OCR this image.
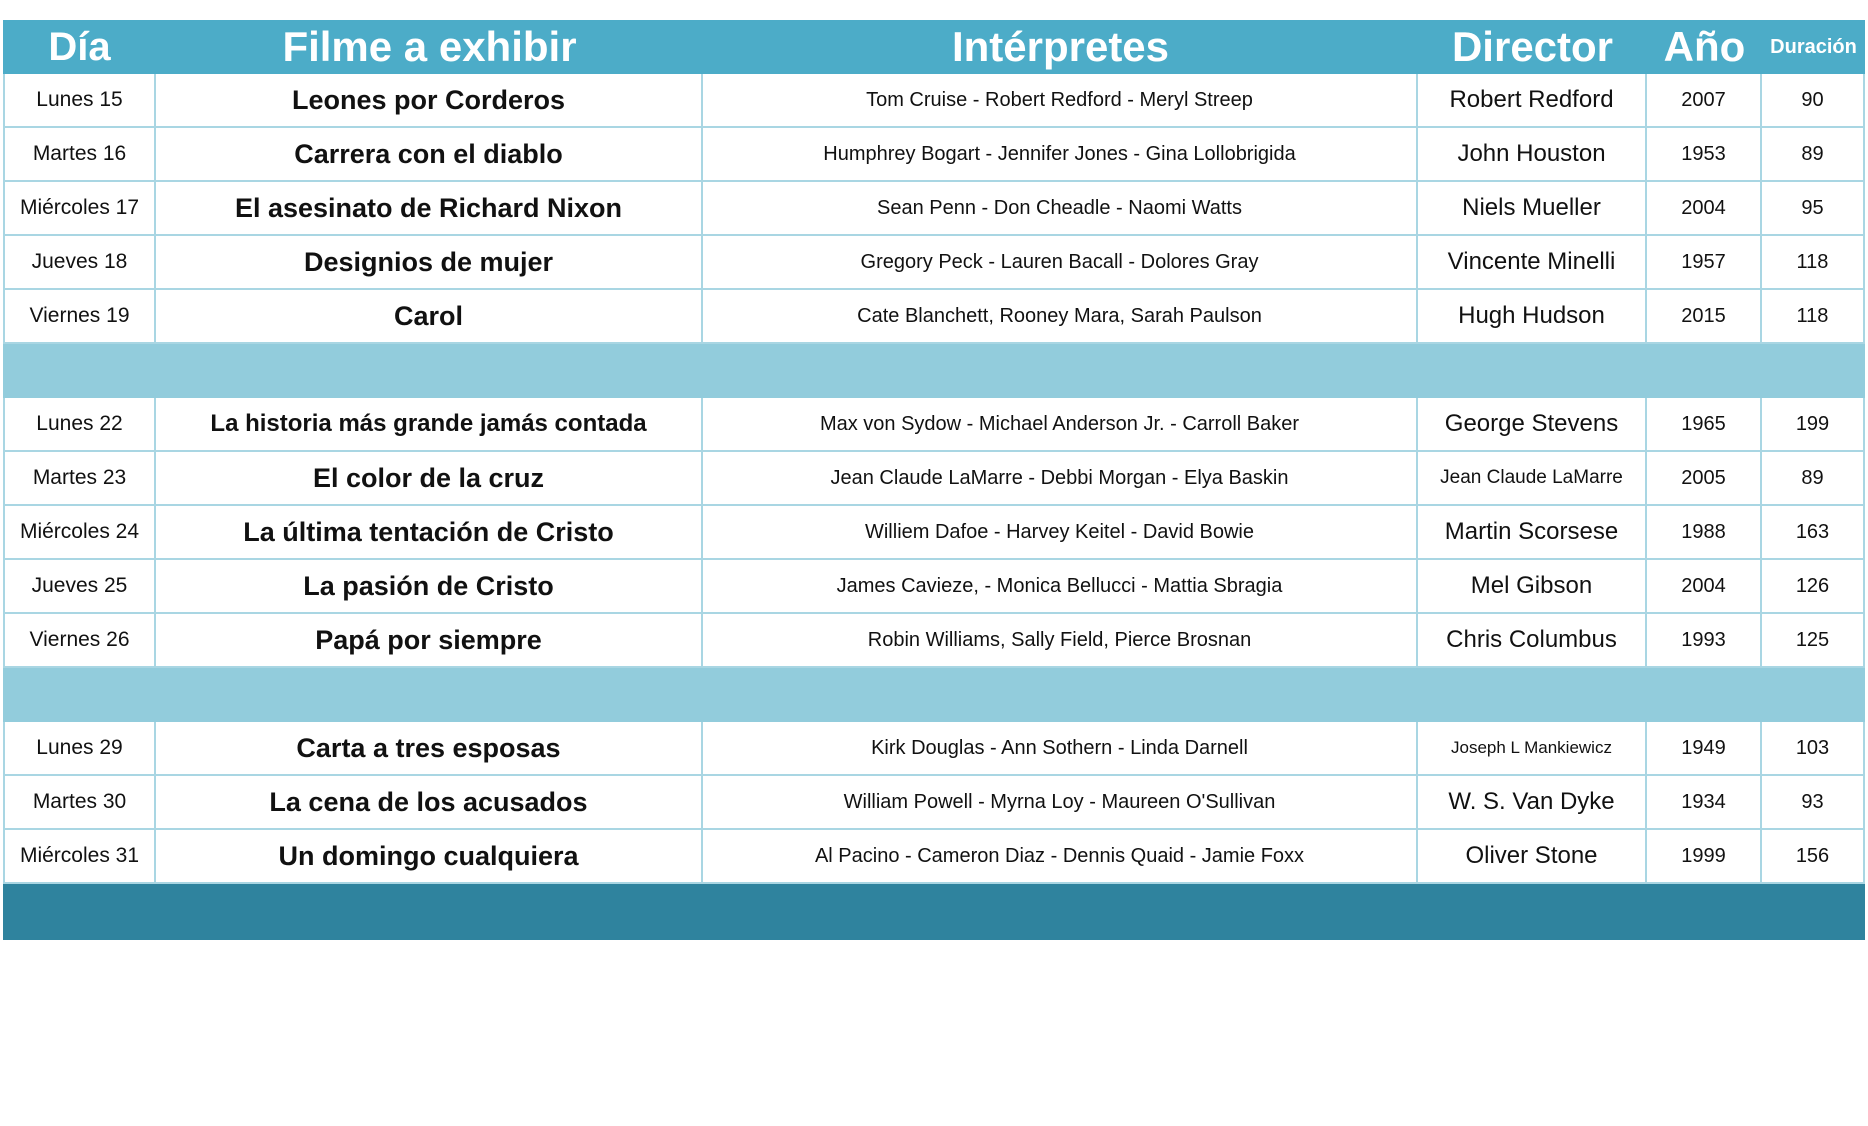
Día	Filme a exhibir	Intérpretes	Director	Año	Duración
Lunes 15	Leones por Corderos	Tom Cruise - Robert Redford - Meryl Streep	Robert Redford	2007	90
Martes 16	Carrera con el diablo	Humphrey Bogart - Jennifer Jones - Gina Lollobrigida	John Houston	1953	89
Miércoles 17	El asesinato de Richard Nixon	Sean Penn - Don Cheadle - Naomi Watts	Niels Mueller	2004	95
Jueves 18	Designios de mujer	Gregory Peck - Lauren Bacall - Dolores Gray	Vincente Minelli	1957	118
Viernes 19	Carol	Cate Blanchett, Rooney Mara, Sarah Paulson	Hugh Hudson	2015	118
Lunes 22	La historia más grande jamás contada	Max von Sydow - Michael Anderson Jr. - Carroll Baker	George Stevens	1965	199
Martes 23	El color de la cruz	Jean Claude LaMarre - Debbi Morgan - Elya Baskin	Jean Claude LaMarre	2005	89
Miércoles 24	La última tentación de Cristo	Williem Dafoe - Harvey Keitel - David Bowie	Martin Scorsese	1988	163
Jueves 25	La pasión de Cristo	James Cavieze, - Monica Bellucci - Mattia Sbragia	Mel Gibson	2004	126
Viernes 26	Papá por siempre	Robin Williams, Sally Field, Pierce Brosnan	Chris Columbus	1993	125
Lunes 29	Carta a tres esposas	Kirk Douglas - Ann Sothern - Linda Darnell	Joseph L Mankiewicz	1949	103
Martes 30	La cena de los acusados	William Powell - Myrna Loy - Maureen O'Sullivan	W. S. Van Dyke	1934	93
Miércoles 31	Un domingo cualquiera	Al Pacino - Cameron Diaz - Dennis Quaid - Jamie Foxx	Oliver Stone	1999	156
